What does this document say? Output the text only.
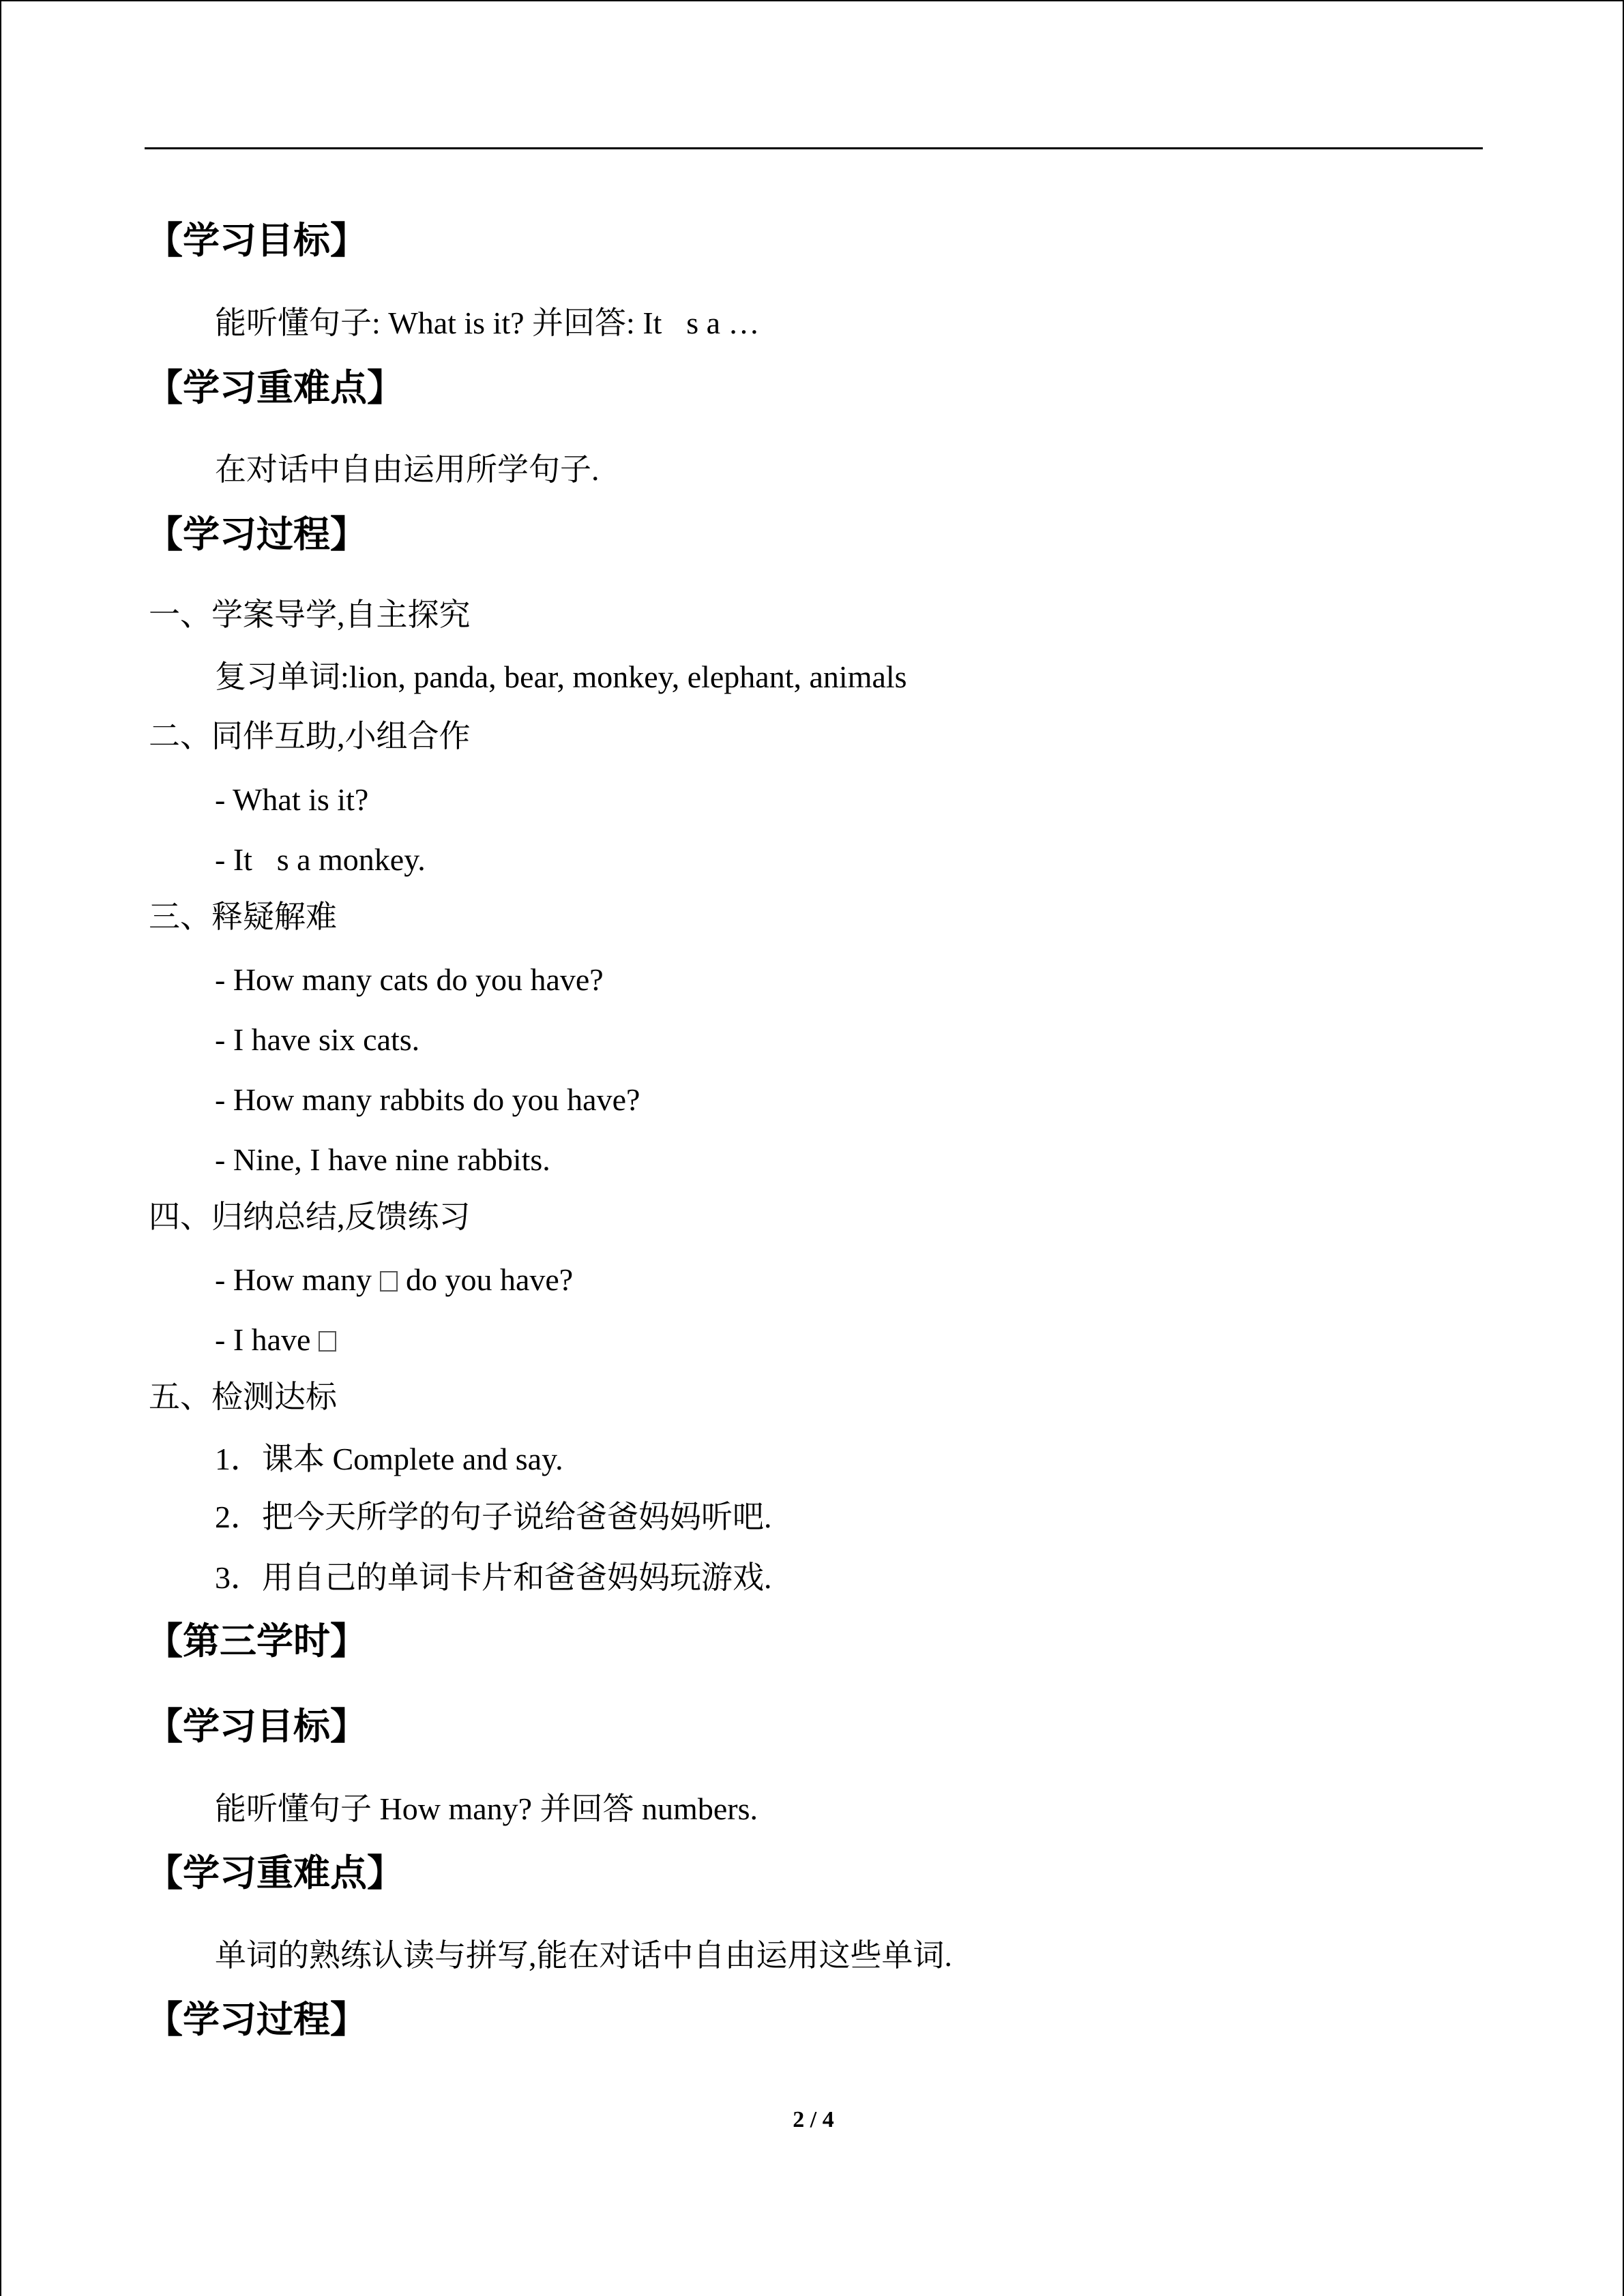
【学习目标】
能听懂句子: What is it? 并回答: It s a …
【学习重难点】
在对话中自由运用所学句子.
【学习过程】
一、学案导学,自主探究
复习单词:lion, panda, bear, monkey, elephant, animals
二、同伴互助,小组合作
- What is it?
- It s a monkey.
三、释疑解难
- How many cats do you have?
- I have six cats.
- How many rabbits do you have?
- Nine, I have nine rabbits.
四、归纳总结,反馈练习
- How many do you have?
- I have
五、检测达标
1．课本 Complete and say.
2．把今天所学的句子说给爸爸妈妈听吧.
3．用自己的单词卡片和爸爸妈妈玩游戏.
【第三学时】
【学习目标】
能听懂句子 How many? 并回答 numbers.
【学习重难点】
单词的熟练认读与拼写,能在对话中自由运用这些单词.
【学习过程】
2 / 4
